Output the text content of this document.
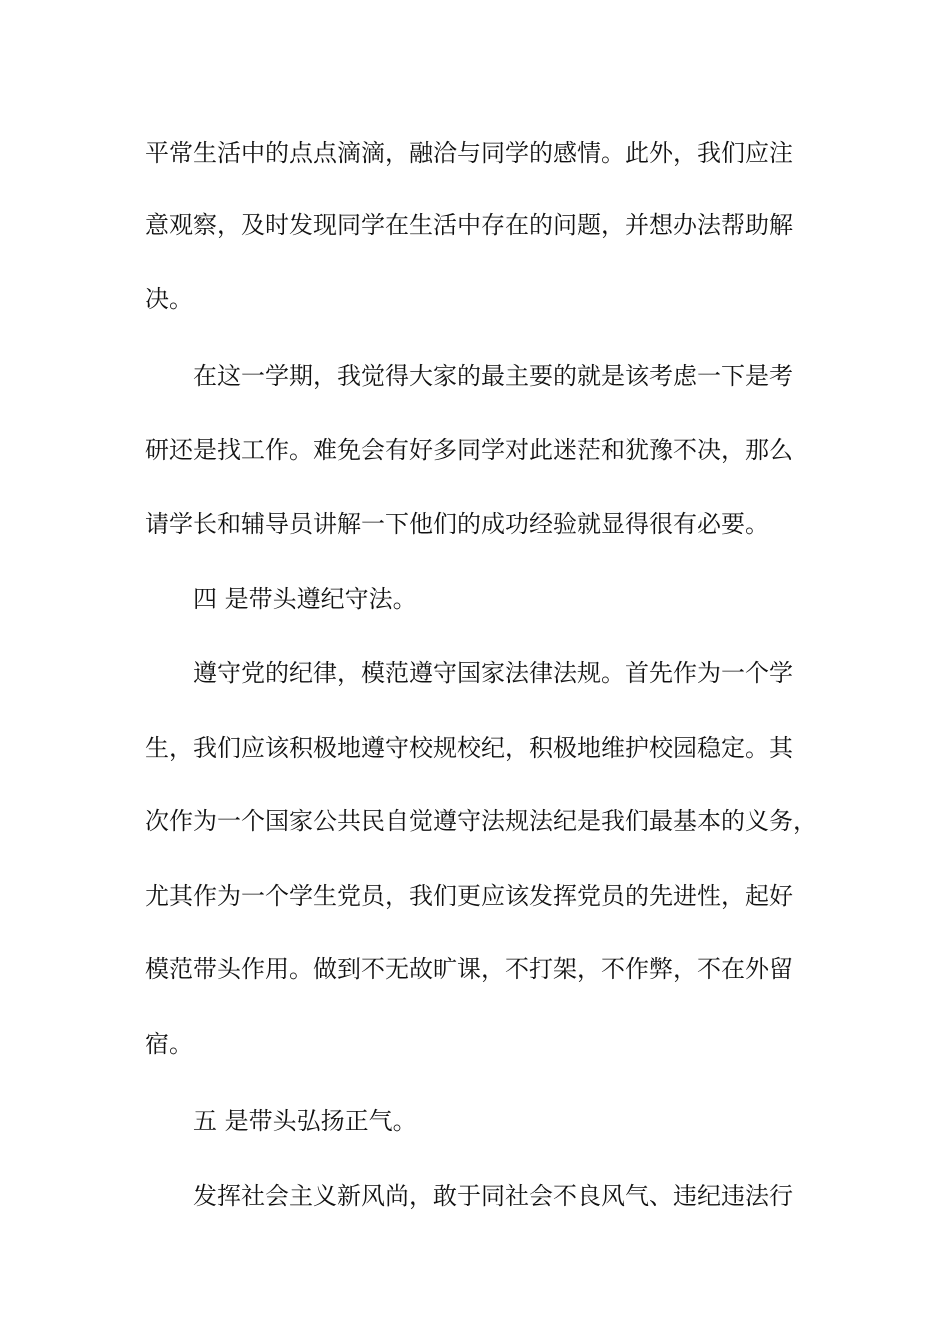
平常生活中的点点滴滴，融洽与同学的感情。此外，我们应注
意观察，及时发现同学在生活中存在的问题，并想办法帮助解
决。
在这一学期，我觉得大家的最主要的就是该考虑一下是考
研还是找工作。难免会有好多同学对此迷茫和犹豫不决，那么
请学长和辅导员讲解一下他们的成功经验就显得很有必要。
四 是带头遵纪守法。
遵守党的纪律，模范遵守国家法律法规。首先作为一个学
生，我们应该积极地遵守校规校纪，积极地维护校园稳定。其
次作为一个国家公共民自觉遵守法规法纪是我们最基本的义务，
尤其作为一个学生党员，我们更应该发挥党员的先进性，起好
模范带头作用。做到不无故旷课，不打架，不作弊，不在外留
宿。
五 是带头弘扬正气。
发挥社会主义新风尚，敢于同社会不良风气、违纪违法行
